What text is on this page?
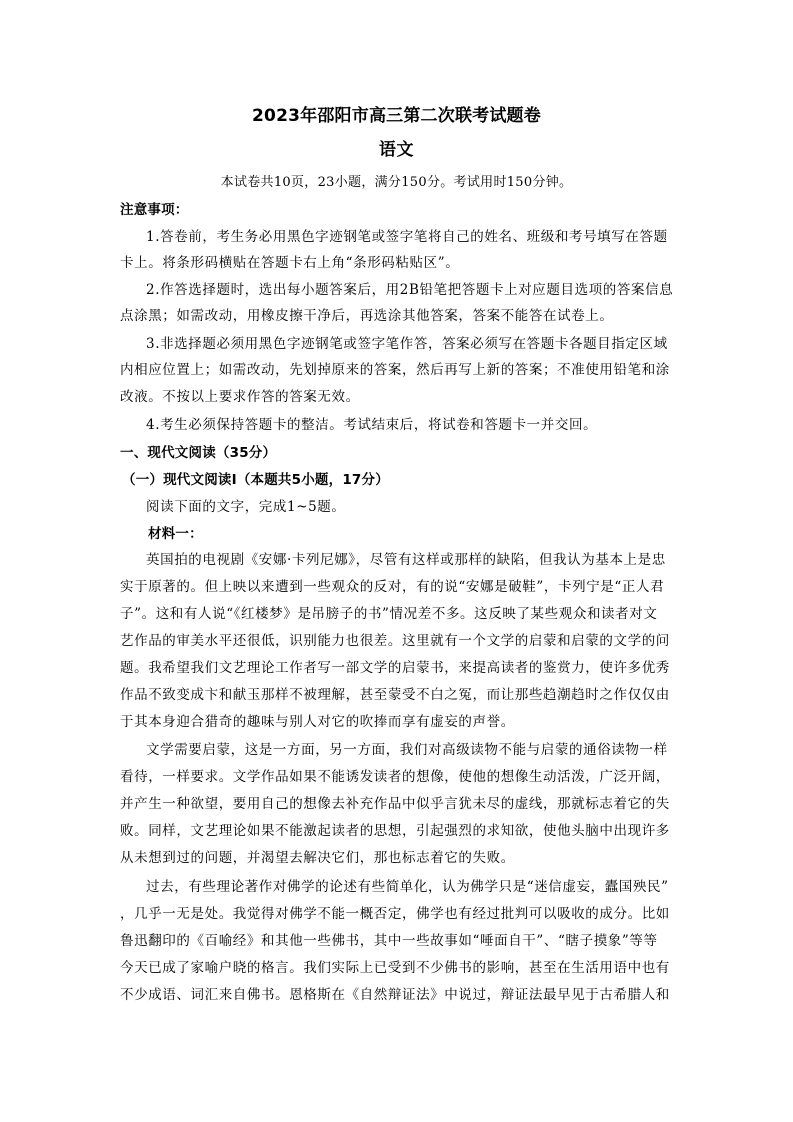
2023年邵阳市高三第二次联考试题卷
语文
本试卷共10页，23小题，满分150分。考试用时150分钟。
注意事项：
1.答卷前，考生务必用黑色字迹钢笔或签字笔将自己的姓名、班级和考号填写在答题
卡上。将条形码横贴在答题卡右上角“条形码粘贴区”。
2.作答选择题时，选出每小题答案后，用2B铅笔把答题卡上对应题目选项的答案信息
点涂黑；如需改动，用橡皮擦干净后，再选涂其他答案，答案不能答在试卷上。
3.非选择题必须用黑色字迹钢笔或签字笔作答，答案必须写在答题卡各题目指定区域
内相应位置上；如需改动，先划掉原来的答案，然后再写上新的答案；不准使用铅笔和涂
改液。不按以上要求作答的答案无效。
4.考生必须保持答题卡的整洁。考试结束后，将试卷和答题卡一并交回。
一、现代文阅读（35分）
（一）现代文阅读Ⅰ（本题共5小题，17分）
阅读下面的文字，完成1~5题。
材料一：
英国拍的电视剧《安娜·卡列尼娜》，尽管有这样或那样的缺陷，但我认为基本上是忠
实于原著的。但上映以来遭到一些观众的反对，有的说“安娜是破鞋”，卡列宁是“正人君
子”。这和有人说“《红楼梦》是吊膀子的书”情况差不多。这反映了某些观众和读者对文
艺作品的审美水平还很低，识别能力也很差。这里就有一个文学的启蒙和启蒙的文学的问
题。我希望我们文艺理论工作者写一部文学的启蒙书，来提高读者的鉴赏力，使许多优秀
作品不致变成卞和献玉那样不被理解，甚至蒙受不白之冤，而让那些趋潮趋时之作仅仅由
于其本身迎合猎奇的趣味与别人对它的吹捧而享有虚妄的声誉。
文学需要启蒙，这是一方面，另一方面，我们对高级读物不能与启蒙的通俗读物一样
看待，一样要求。文学作品如果不能诱发读者的想像，使他的想像生动活泼，广泛开阔，
并产生一种欲望，要用自己的想像去补充作品中似乎言犹未尽的虚线，那就标志着它的失
败。同样，文艺理论如果不能激起读者的思想，引起强烈的求知欲，使他头脑中出现许多
从未想到过的问题，并渴望去解决它们，那也标志着它的失败。
过去，有些理论著作对佛学的论述有些简单化，认为佛学只是“迷信虚妄，蠹国殃民”
，几乎一无是处。我觉得对佛学不能一概否定，佛学也有经过批判可以吸收的成分。比如
鲁迅翻印的《百喻经》和其他一些佛书，其中一些故事如“唾面自干”、“瞎子摸象”等等
今天已成了家喻户晓的格言。我们实际上已受到不少佛书的影响，甚至在生活用语中也有
不少成语、词汇来自佛书。恩格斯在《自然辩证法》中说过，辩证法最早见于古希腊人和
